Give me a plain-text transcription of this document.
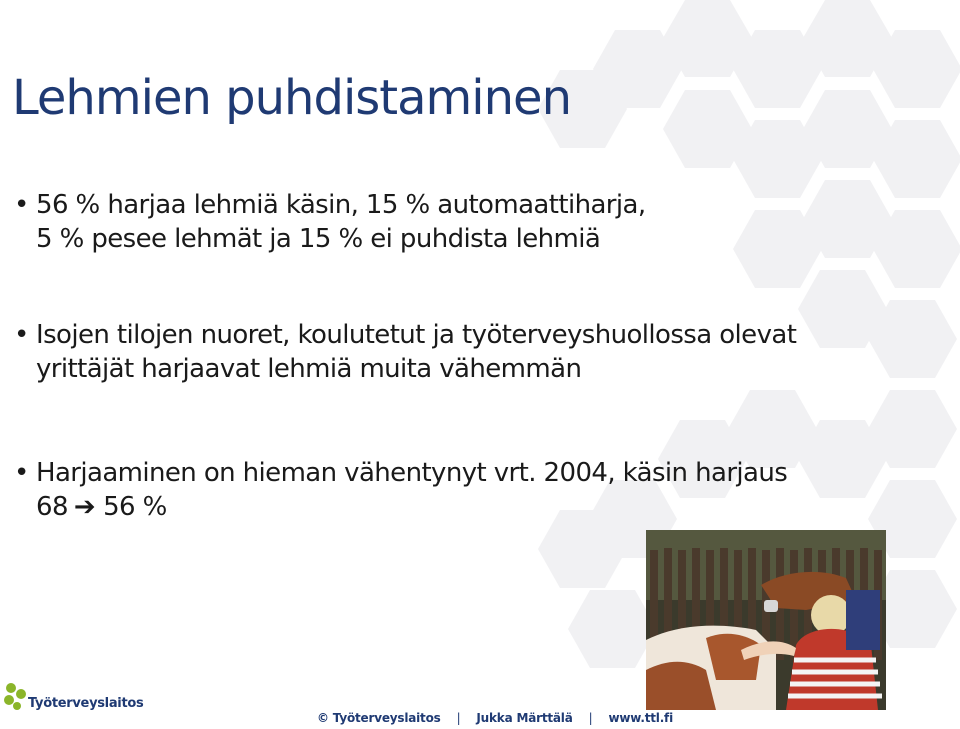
Lehmien puhdistaminen
• 56 % harjaa lehmiä käsin, 15 % automaattiharja,
5 % pesee lehmät ja 15 % ei puhdista lehmiä
• Isojen tilojen nuoret, koulutetut ja työterveyshuollossa olevat
yrittäjät harjaavat lehmiä muita vähemmän
• Harjaaminen on hieman vähentynyt vrt. 2004, käsin harjaus
68 ➔ 56 %
Työterveyslaitos
© Työterveyslaitos | Jukka Märttälä | www.ttl.fi
